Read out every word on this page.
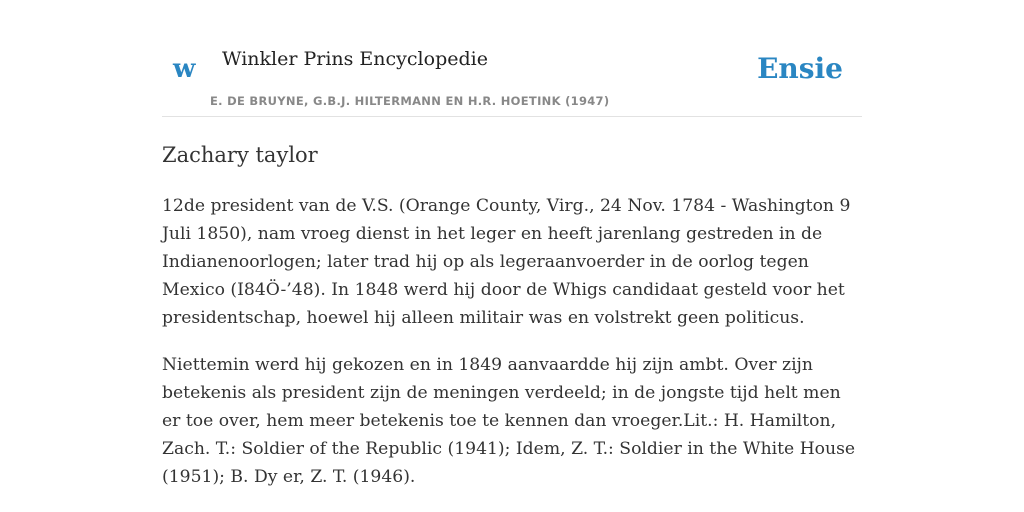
w Winkler Prins Encyclopedie
E. DE BRUYNE, G.B.J. HILTERMANN EN H.R. HOETINK (1947)
Ensie
Zachary taylor

12de president van de V.S. (Orange County, Virg., 24 Nov. 1784 - Washington 9 Juli 1850), nam vroeg dienst in het leger en heeft jarenlang gestreden in de Indianenoorlogen; later trad hij op als legeraanvoerder in de oorlog tegen Mexico (I84Ö-’48). In 1848 werd hij door de Whigs candidaat gesteld voor het presidentschap, hoewel hij alleen militair was en volstrekt geen politicus.

Niettemin werd hij gekozen en in 1849 aanvaardde hij zijn ambt. Over zijn betekenis als president zijn de meningen verdeeld; in de jongste tijd helt men er toe over, hem meer betekenis toe te kennen dan vroeger.Lit.: H. Hamilton, Zach. T.: Soldier of the Republic (1941); Idem, Z. T.: Soldier in the White House (1951); B. Dy er, Z. T. (1946).
